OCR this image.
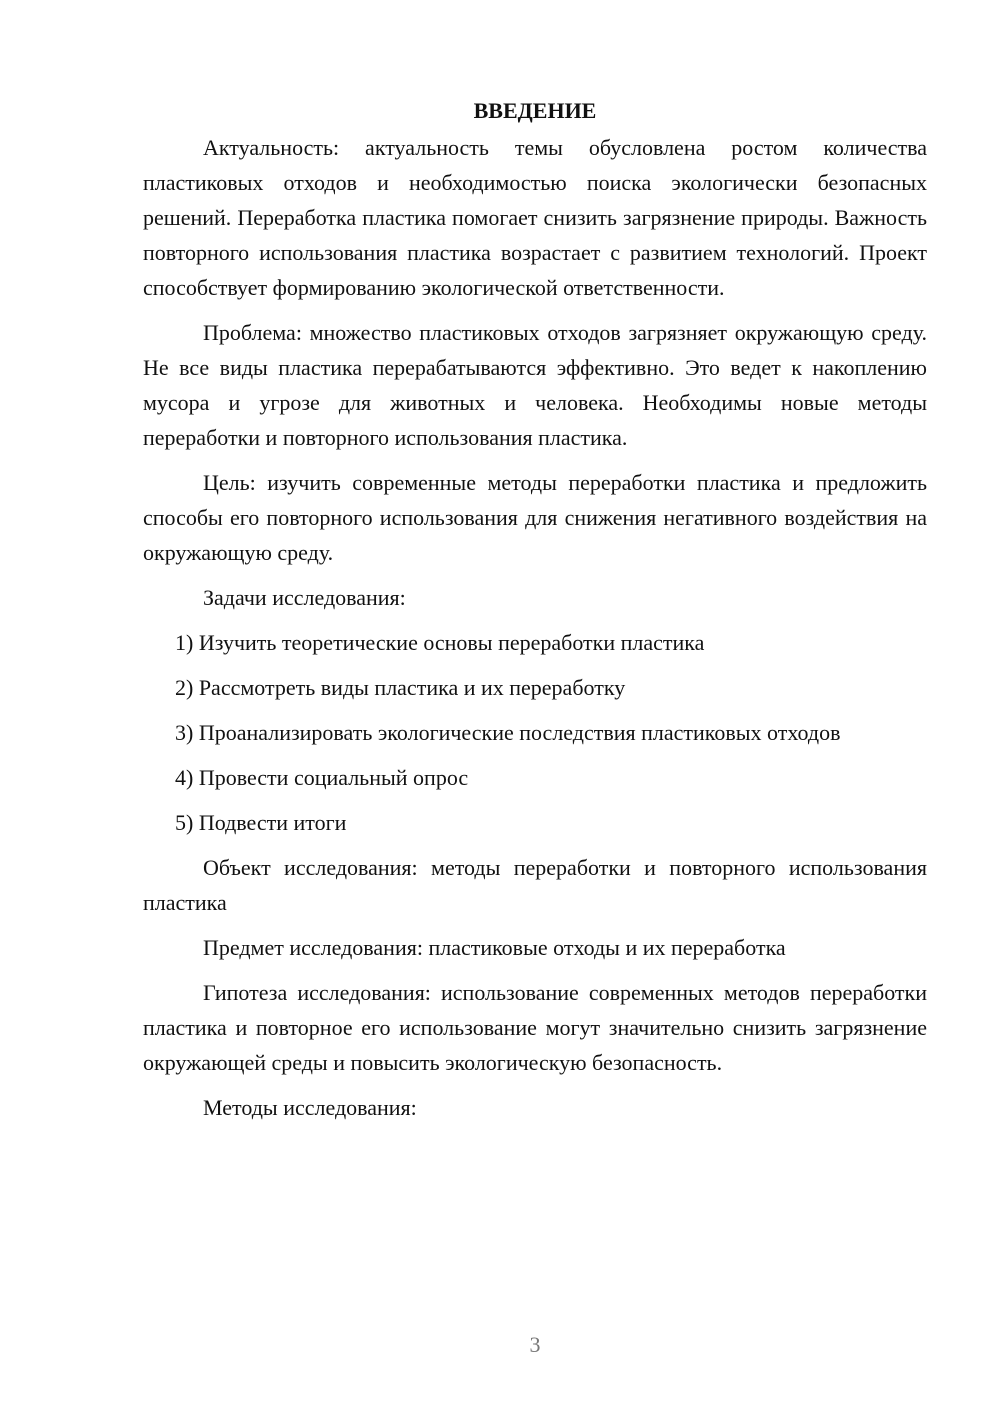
ВВЕДЕНИЕ

Актуальность: актуальность темы обусловлена ростом количества пластиковых отходов и необходимостью поиска экологически безопасных решений. Переработка пластика помогает снизить загрязнение природы. Важность повторного использования пластика возрастает с развитием технологий. Проект способствует формированию экологической ответственности.

Проблема: множество пластиковых отходов загрязняет окружающую среду. Не все виды пластика перерабатываются эффективно. Это ведет к накоплению мусора и угрозе для животных и человека. Необходимы новые методы переработки и повторного использования пластика.

Цель: изучить современные методы переработки пластика и предложить способы его повторного использования для снижения негативного воздействия на окружающую среду.

Задачи исследования:

1) Изучить теоретические основы переработки пластика

2) Рассмотреть виды пластика и их переработку

3) Проанализировать экологические последствия пластиковых отходов

4) Провести социальный опрос

5) Подвести итоги

Объект исследования: методы переработки и повторного использования пластика

Предмет исследования: пластиковые отходы и их переработка

Гипотеза исследования: использование современных методов переработки пластика и повторное его использование могут значительно снизить загрязнение окружающей среды и повысить экологическую безопасность.

Методы исследования:

3
